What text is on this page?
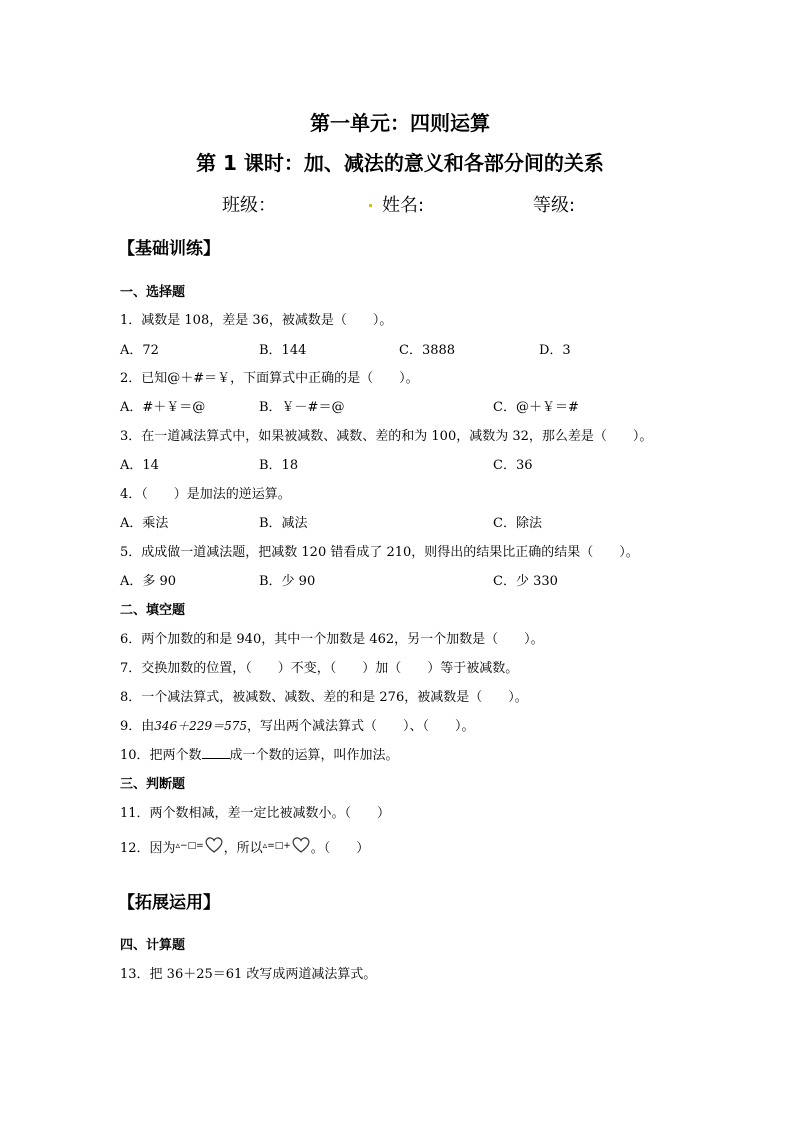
第一单元：四则运算
第 1 课时：加、减法的意义和各部分间的关系
班级：	姓名:	等级:
【基础训练】
一、选择题
1．减数是 108，差是 36，被减数是（　　）。
A．72	B．144	C．3888	D．3
2．已知@＋#＝￥，下面算式中正确的是（　　）。
A．#＋￥＝@	B．￥－#＝@	C．@＋￥＝#
3．在一道减法算式中，如果被减数、减数、差的和为 100，减数为 32，那么差是（　　）。
A．14	B．18	C．36
4．（　　）是加法的逆运算。
A．乘法	B．减法	C．除法
5．成成做一道减法题，把减数 120 错看成了 210，则得出的结果比正确的结果（　　）。
A．多 90	B．少 90	C．少 330
二、填空题
6．两个加数的和是 940，其中一个加数是 462，另一个加数是（　　）。
7．交换加数的位置，（　　）不变，（　　）加（　　）等于被减数。
8．一个减法算式，被减数、减数、差的和是 276，被减数是（　　）。
9．由346＋229＝575，写出两个减法算式（　　）、（　　）。
10．把两个数 成一个数的运算，叫作加法。
三、判断题
11．两个数相减，差一定比被减数小。（　　）
12．因为▵−□= ，所以▵=□+ 。（　　）
【拓展运用】
四、计算题
13．把 36＋25＝61 改写成两道减法算式。
